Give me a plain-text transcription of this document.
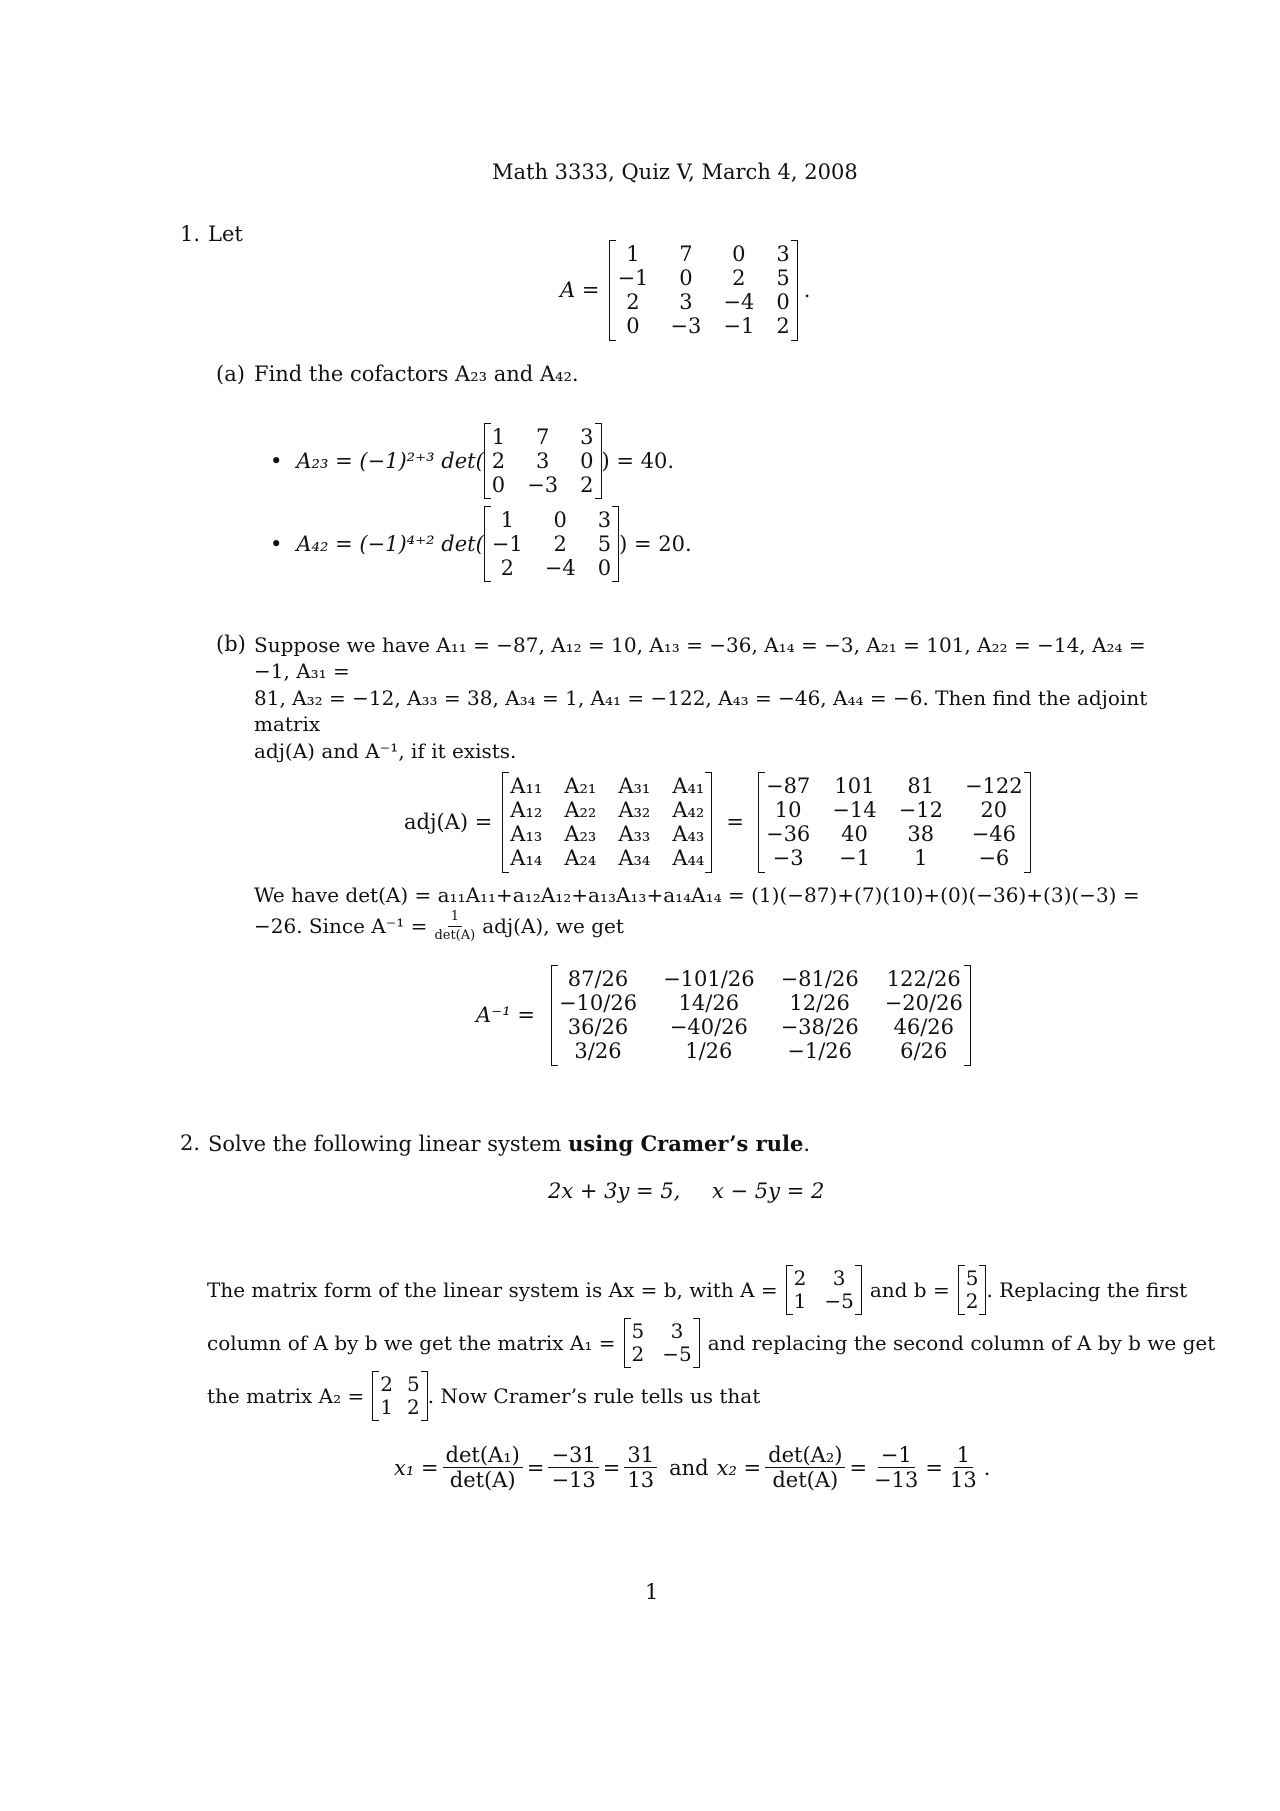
Math 3333, Quiz V, March 4, 2008
1. Let
A =
1	7	0	3
−1	0	2	5
2	3	−4 0
0	−3 −1 2
.
(a) Find the cofactors A₂₃ and A₄₂.
• A₂₃ = (−1)²⁺³ det(
1	7	3
2	3	0
0 −3 2
) = 40.
• A₄₂ = (−1)⁴⁺² det(
1	0	3
−1	2	5
2	−4 0
) = 20.
(b) Suppose we have A₁₁ = −87, A₁₂ = 10, A₁₃ = −36, A₁₄ = −3, A₂₁ = 101, A₂₂ = −14, A₂₄ = −1, A₃₁ =
81, A₃₂ = −12, A₃₃ = 38, A₃₄ = 1, A₄₁ = −122, A₄₃ = −46, A₄₄ = −6. Then find the adjoint matrix
adj(A) and A⁻¹, if it exists.
adj(A) =
A₁₁ A₂₁ A₃₁ A₄₁
A₁₂ A₂₂ A₃₂ A₄₂
A₁₃ A₂₃ A₃₃ A₄₃
A₁₄ A₂₄ A₃₄ A₄₄
=
−87 101	81	−122
10	−14 −12	20
−36	40	38	−46
−3	−1	1	−6
We have det(A) = a₁₁A₁₁+a₁₂A₁₂+a₁₃A₁₃+a₁₄A₁₄ = (1)(−87)+(7)(10)+(0)(−36)+(3)(−3) =
−26. Since $A^{-1} = \frac{1}{\det(A)} adj(A)$, we get
A⁻¹ =
87/26	−101/26 −81/26 122/26
−10/26	14/26	12/26	−20/26
36/26	−40/26	−38/26	46/26
3/26	1/26	−1/26	6/26
2. Solve the following linear system using Cramer’s rule.
2x + 3y = 5, x − 5y = 2
The matrix form of the linear system is Ax = b, with A = 2	3
1 −5 and b = 5
2 . Replacing the first
column of A by b we get the matrix A₁ = 5	3
2 −5 and replacing the second column of A by b we get
the matrix A₂ = 2 5
1 2 . Now Cramer’s rule tells us that
$x_1 = \frac{\text{det(A₁)}}{\det(A)} = \frac{-31}{-13} = \frac{31}{13}$ and $x_2 = \frac{\text{det(A₂)}}{\det(A)} = \frac{-1}{-13} = \frac{1}{13}$ .
1
